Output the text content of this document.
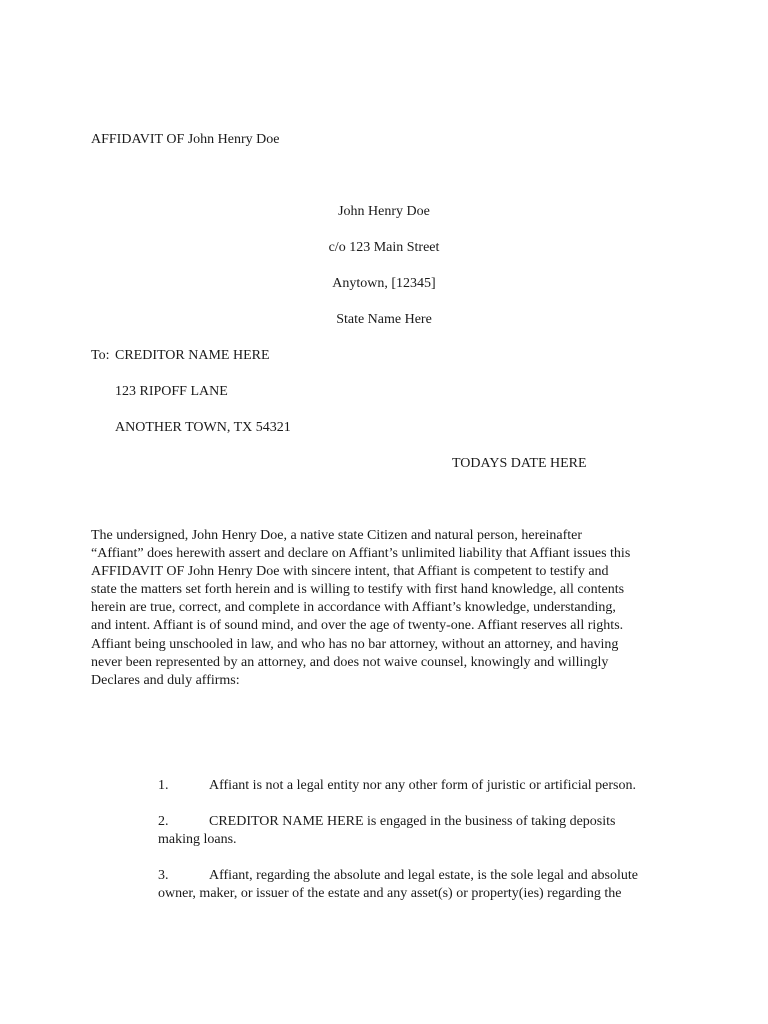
AFFIDAVIT OF John Henry Doe
John Henry Doe
c/o 123 Main Street
Anytown, [12345]
State Name Here
To: CREDITOR NAME HERE
123 RIPOFF LANE
ANOTHER TOWN, TX 54321
TODAYS DATE HERE
The undersigned, John Henry Doe, a native state Citizen and natural person, hereinafter
“Affiant” does herewith assert and declare on Affiant’s unlimited liability that Affiant issues this
AFFIDAVIT OF John Henry Doe with sincere intent, that Affiant is competent to testify and
state the matters set forth herein and is willing to testify with first hand knowledge, all contents
herein are true, correct, and complete in accordance with Affiant’s knowledge, understanding,
and intent. Affiant is of sound mind, and over the age of twenty-one. Affiant reserves all rights.
Affiant being unschooled in law, and who has no bar attorney, without an attorney, and having
never been represented by an attorney, and does not waive counsel, knowingly and willingly
Declares and duly affirms:
1.	Affiant is not a legal entity nor any other form of juristic or artificial person.
2.	CREDITOR NAME HERE is engaged in the business of taking deposits
making loans.
3.	Affiant, regarding the absolute and legal estate, is the sole legal and absolute
owner, maker, or issuer of the estate and any asset(s) or property(ies) regarding the
